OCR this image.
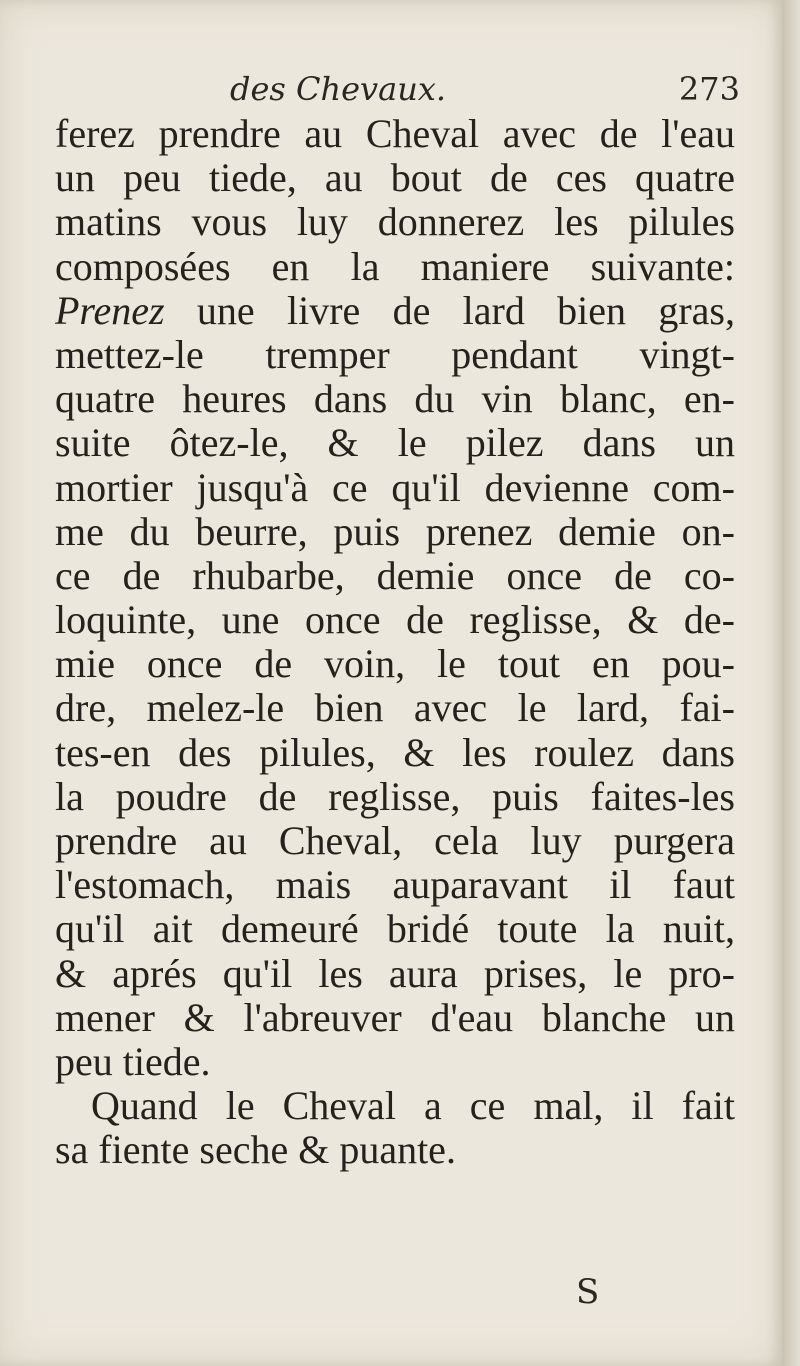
des Chevaux.	273
ferez prendre au Cheval avec de l'eau
un peu tiede, au bout de ces quatre
matins vous luy donnerez les pilules
composées en la maniere suivante:
Prenez une livre de lard bien gras,
mettez-le tremper pendant vingt-
quatre heures dans du vin blanc, en-
suite ôtez-le, & le pilez dans un
mortier jusqu'à ce qu'il devienne com-
me du beurre, puis prenez demie on-
ce de rhubarbe, demie once de co-
loquinte, une once de reglisse, & de-
mie once de voin, le tout en pou-
dre, melez-le bien avec le lard, fai-
tes-en des pilules, & les roulez dans
la poudre de reglisse, puis faites-les
prendre au Cheval, cela luy purgera
l'estomach, mais auparavant il faut
qu'il ait demeuré bridé toute la nuit,
& aprés qu'il les aura prises, le pro-
mener & l'abreuver d'eau blanche un
peu tiede.
Quand le Cheval a ce mal, il fait
sa fiente seche & puante.
S
